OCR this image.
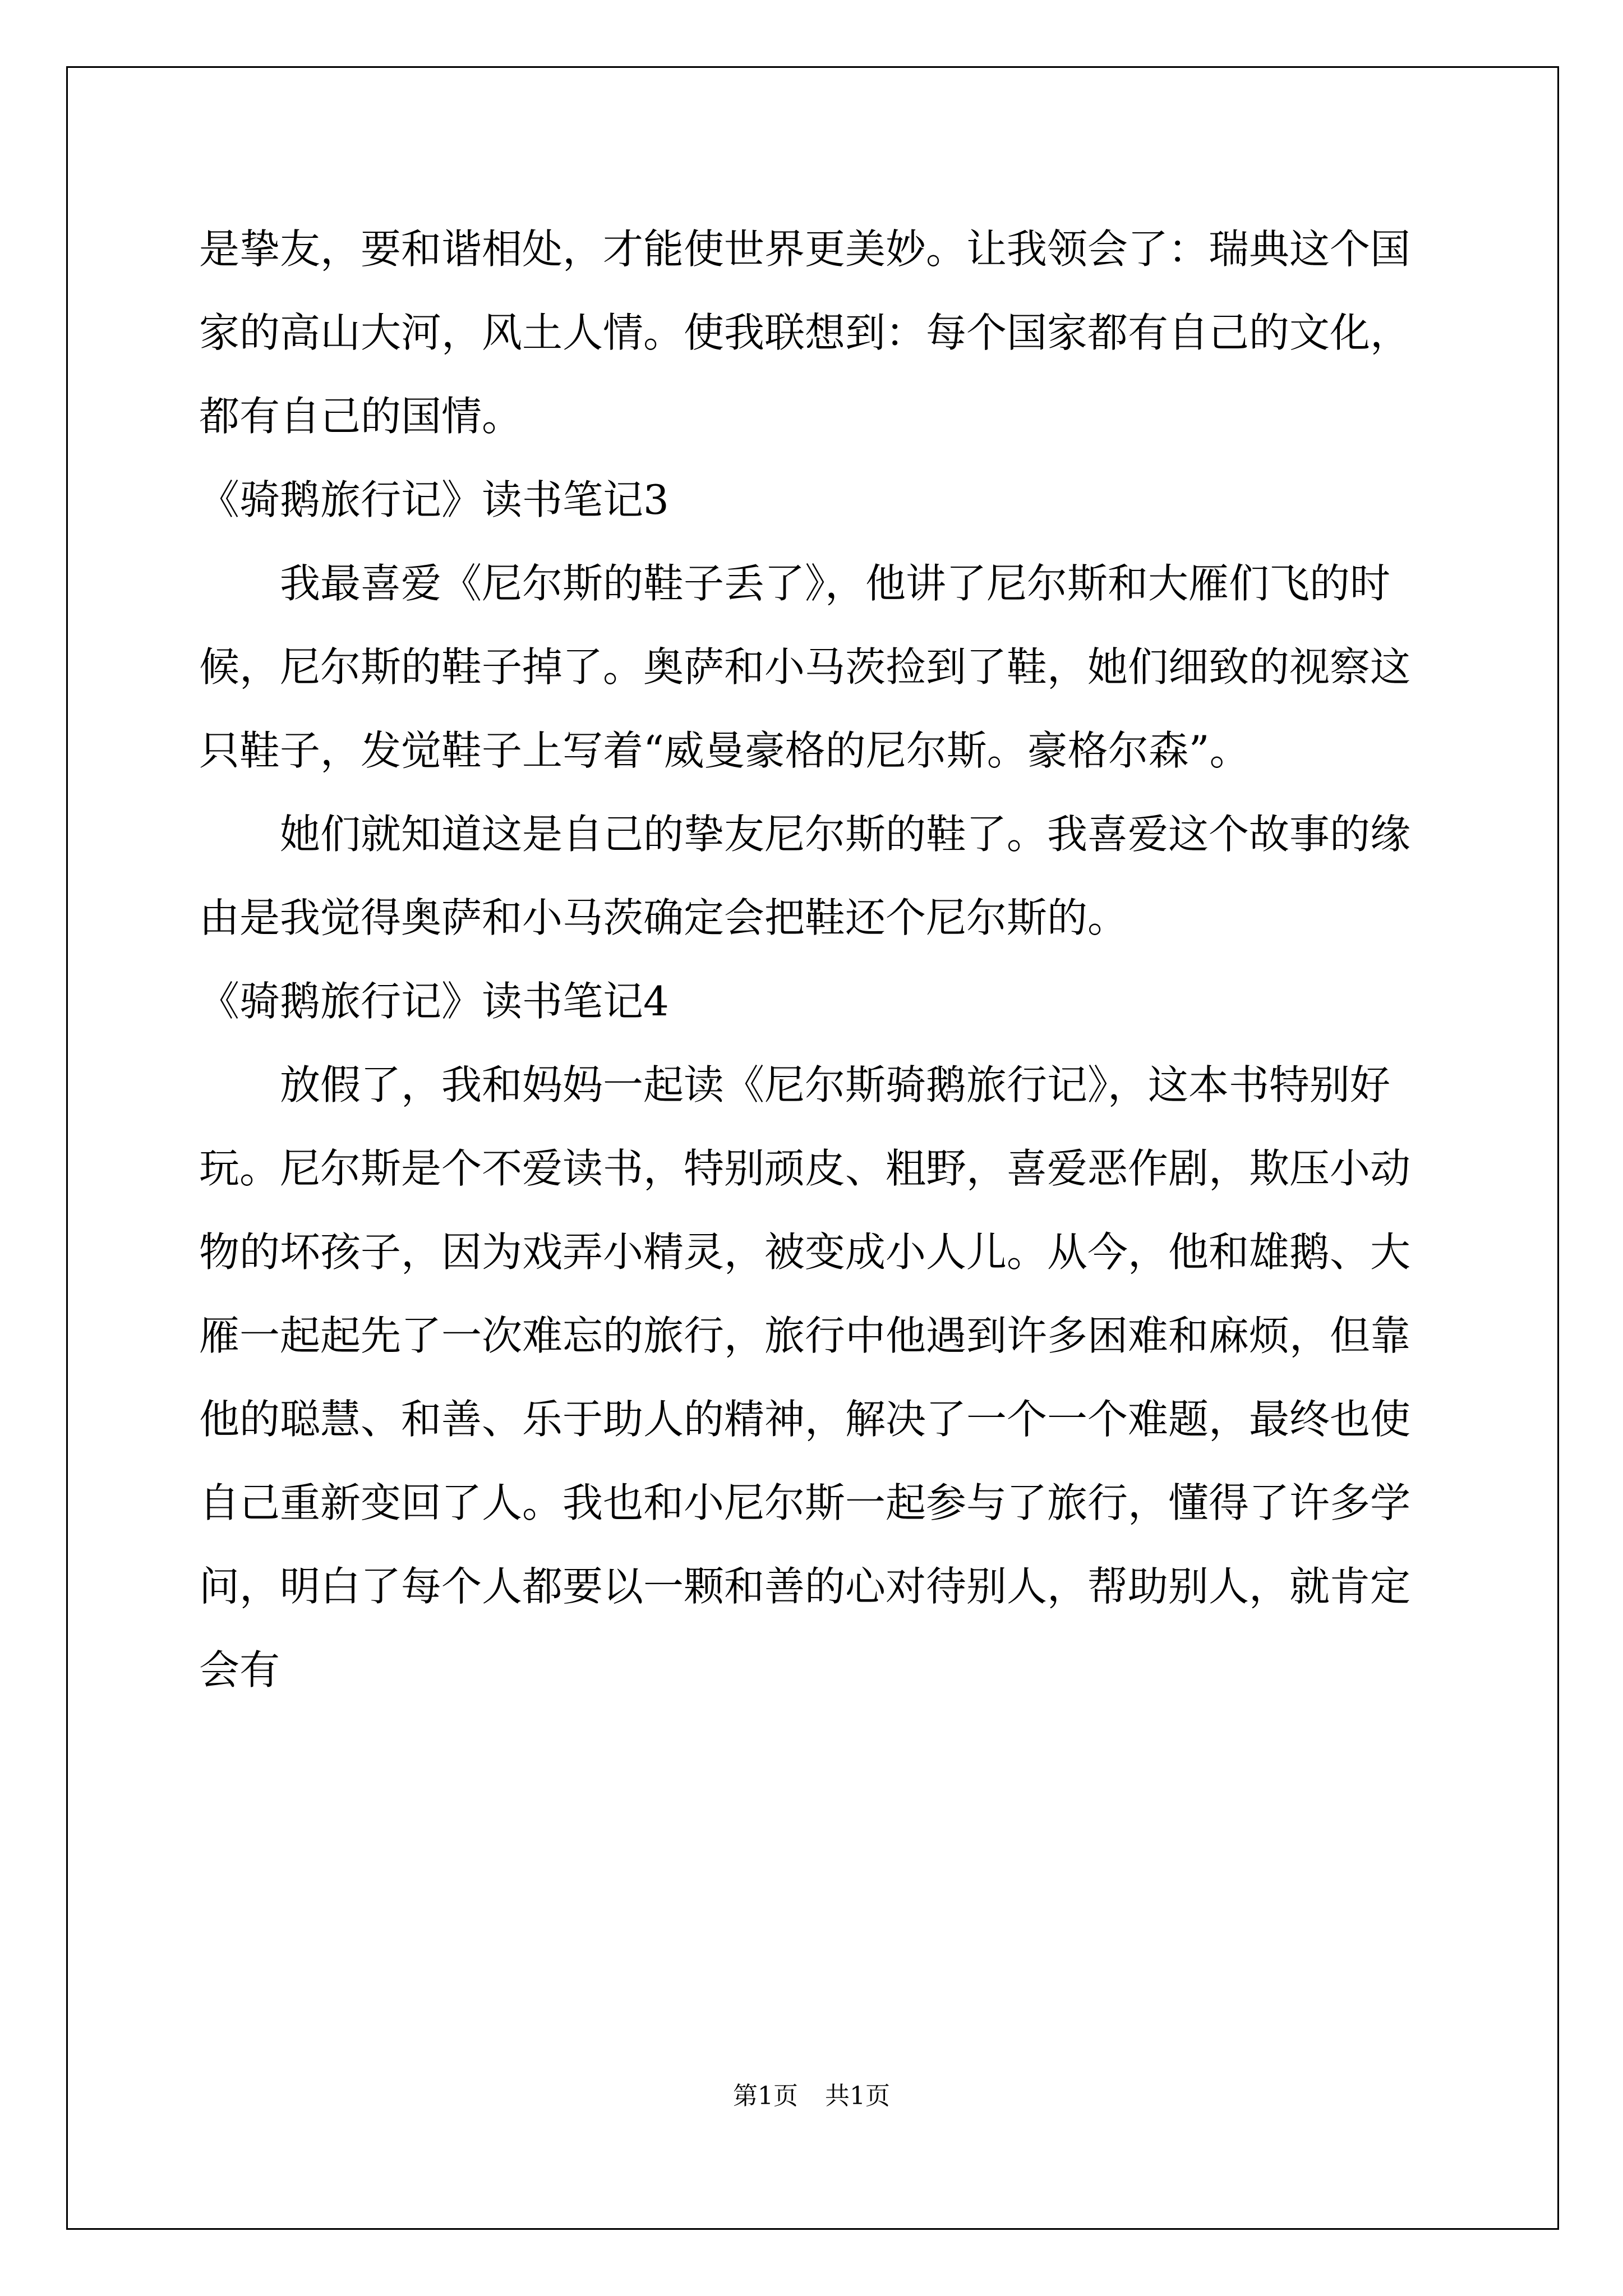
是挚友，要和谐相处，才能使世界更美妙。让我领会了：瑞典这个国家的高山大河，风土人情。使我联想到：每个国家都有自己的文化，都有自己的国情。

《骑鹅旅行记》读书笔记3

我最喜爱《尼尔斯的鞋子丢了》，他讲了尼尔斯和大雁们飞的时候，尼尔斯的鞋子掉了。奥萨和小马茨捡到了鞋，她们细致的视察这只鞋子，发觉鞋子上写着“威曼豪格的尼尔斯。豪格尔森”。

她们就知道这是自己的挚友尼尔斯的鞋了。我喜爱这个故事的缘由是我觉得奥萨和小马茨确定会把鞋还个尼尔斯的。

《骑鹅旅行记》读书笔记4

放假了，我和妈妈一起读《尼尔斯骑鹅旅行记》，这本书特别好玩。尼尔斯是个不爱读书，特别顽皮、粗野，喜爱恶作剧，欺压小动物的坏孩子，因为戏弄小精灵，被变成小人儿。从今，他和雄鹅、大雁一起起先了一次难忘的旅行，旅行中他遇到许多困难和麻烦，但靠他的聪慧、和善、乐于助人的精神，解决了一个一个难题，最终也使自己重新变回了人。我也和小尼尔斯一起参与了旅行，懂得了许多学问，明白了每个人都要以一颗和善的心对待别人，帮助别人，就肯定会有

第1页 共1页
